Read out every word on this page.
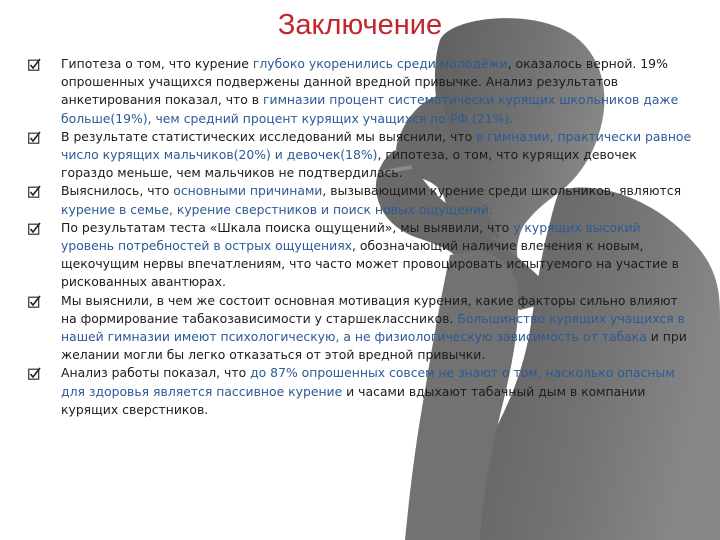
Заключение
Гипотеза о том, что курение глубоко укоренились среди молодёжи, оказалось верной. 19% опрошенных учащихся подвержены данной вредной привычке. Анализ результатов анкетирования показал, что в гимназии процент систематически курящих школьников даже больше(19%), чем средний процент курящих учащихся по РФ (21%).
В результате статистических исследований мы выяснили, что в гимназии, практически равное число курящих мальчиков(20%) и девочек(18%), гипотеза, о том, что курящих девочек гораздо меньше, чем мальчиков не подтвердилась.
Выяснилось, что основными причинами, вызывающими курение среди школьников, являются курение в семье, курение сверстников и поиск новых ощущений.
По результатам теста «Шкала поиска ощущений», мы выявили, что у курящих высокий уровень потребностей в острых ощущениях, обозначающий наличие влечения к новым, щекочущим нервы впечатлениям, что часто может провоцировать испытуемого на участие в рискованных авантюрах.
Мы выяснили, в чем же состоит основная мотивация курения, какие факторы сильно влияют на формирование табакозависимости у старшеклассников. Большинство курящих учащихся в нашей гимназии имеют психологическую, а не физиологическую зависимость от табака и при желании могли бы легко отказаться от этой вредной привычки.
Анализ работы показал, что до 87% опрошенных совсем не знают о том, насколько опасным для здоровья является пассивное курение и часами вдыхают табачный дым в компании курящих сверстников.
